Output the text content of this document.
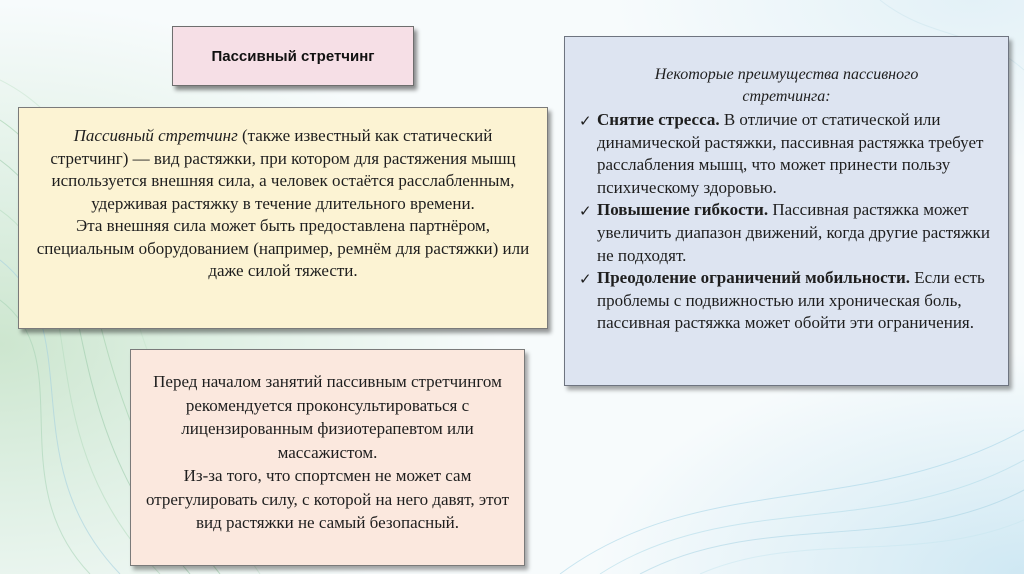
Пассивный стретчинг

Пассивный стретчинг (также известный как статический стретчинг) — вид растяжки, при котором для растяжения мышц используется внешняя сила, а человек остаётся расслабленным, удерживая растяжку в течение длительного времени.

Эта внешняя сила может быть предоставлена партнёром, специальным оборудованием (например, ремнём для растяжки) или даже силой тяжести.

Перед началом занятий пассивным стретчингом рекомендуется проконсультироваться с лицензированным физиотерапевтом или массажистом.

Из-за того, что спортсмен не может сам отрегулировать силу, с которой на него давят, этот вид растяжки не самый безопасный.

Некоторые преимущества пассивного стретчинга:
✓ Снятие стресса. В отличие от статической или динамической растяжки, пассивная растяжка требует расслабления мышц, что может принести пользу психическому здоровью.
✓ Повышение гибкости. Пассивная растяжка может увеличить диапазон движений, когда другие растяжки не подходят.
✓ Преодоление ограничений мобильности. Если есть проблемы с подвижностью или хроническая боль, пассивная растяжка может обойти эти ограничения.
